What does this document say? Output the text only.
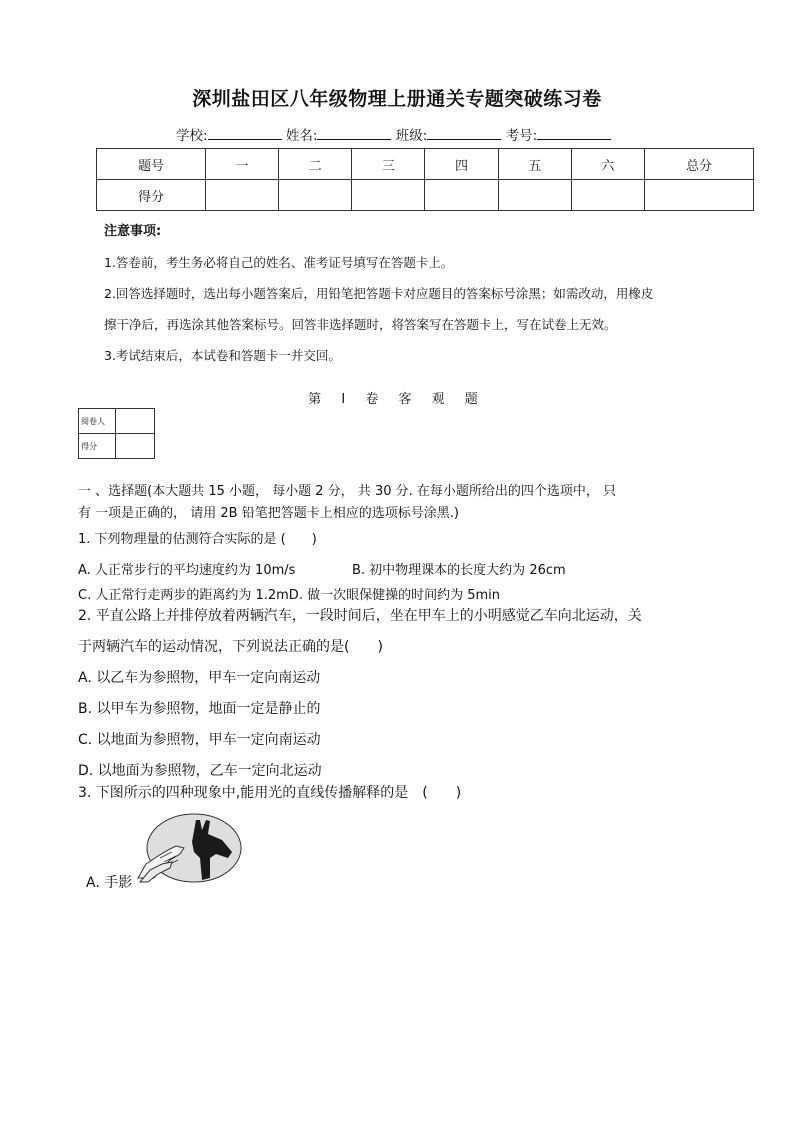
深圳盐田区八年级物理上册通关专题突破练习卷
学校:	姓名:	班级:	考号:
题号	一	二	三	四	五	六	总分
得分							
注意事项:
1.答卷前，考生务必将自己的姓名、准考证号填写在答题卡上。
2.回答选择题时，选出每小题答案后，用铅笔把答题卡对应题目的答案标号涂黑；如需改动，用橡皮
擦干净后，再选涂其他答案标号。回答非选择题时，将答案写在答题卡上，写在试卷上无效。
3.考试结束后，本试卷和答题卡一并交回。
第 I 卷 客 观 题
阅卷人	
得分	
一 、选择题(本大题共 15 小题， 每小题 2 分， 共 30 分. 在每小题所给出的四个选项中， 只
有 一项是正确的， 请用 2B 铅笔把答题卡上相应的选项标号涂黑.)
1. 下列物理量的估测符合实际的是 (　　)
A. 人正常步行的平均速度约为 10m/s	B. 初中物理课本的长度大约为 26cm
C. 人正常行走两步的距离约为 1.2mD. 做一次眼保健操的时间约为 5min
2. 平直公路上并排停放着两辆汽车，一段时间后，坐在甲车上的小明感觉乙车向北运动，关
于两辆汽车的运动情况，下列说法正确的是(　　)
A. 以乙车为参照物，甲车一定向南运动
B. 以甲车为参照物，地面一定是静止的
C. 以地面为参照物，甲车一定向南运动
D. 以地面为参照物，乙车一定向北运动
3. 下图所示的四种现象中,能用光的直线传播解释的是　(　　)
A. 手影
